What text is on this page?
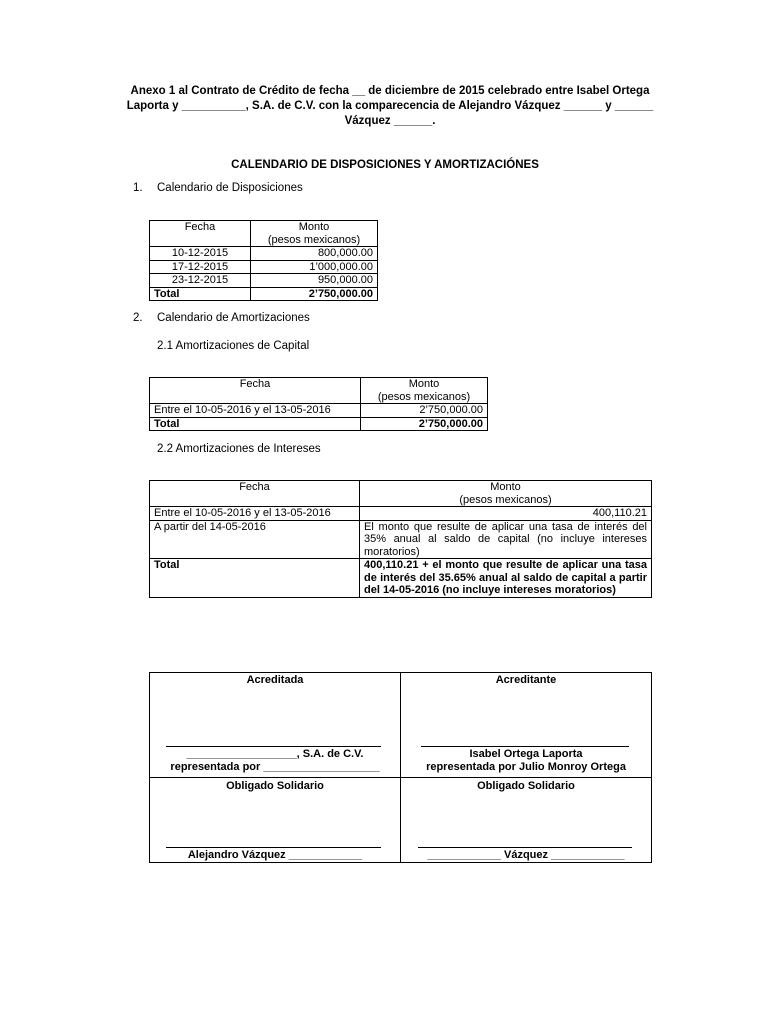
Anexo 1 al Contrato de Crédito de fecha __ de diciembre de 2015 celebrado entre Isabel Ortega
Laporta y __________, S.A. de C.V. con la comparecencia de Alejandro Vázquez ______ y ______
Vázquez ______.
CALENDARIO DE DISPOSICIONES Y AMORTIZACIÓNES
1. Calendario de Disposiciones
Fecha	Monto
(pesos mexicanos)

10-12-2015	800,000.00
17-12-2015	1’000,000.00
23-12-2015	950,000.00
Total	2’750,000.00
2. Calendario de Amortizaciones
2.1 Amortizaciones de Capital
Fecha	Monto
(pesos mexicanos)

Entre el 10-05-2016 y el 13-05-2016	2’750,000.00
Total	2’750,000.00
2.2 Amortizaciones de Intereses
Fecha	Monto
(pesos mexicanos)

Entre el 10-05-2016 y el 13-05-2016	400,110.21
A partir del 14-05-2016	El monto que resulte de aplicar una tasa de interés del 35% anual al saldo de capital (no incluye intereses moratorios)
Total	400,110.21 + el monto que resulte de aplicar una tasa de interés del 35.65% anual al saldo de capital a partir del 14-05-2016 (no incluye intereses moratorios)
Acreditada
__________________, S.A. de C.V.
representada por ___________________
Acreditante
Isabel Ortega Laporta
representada por Julio Monroy Ortega
Obligado Solidario
Alejandro Vázquez ____________
Obligado Solidario
____________ Vázquez ____________
